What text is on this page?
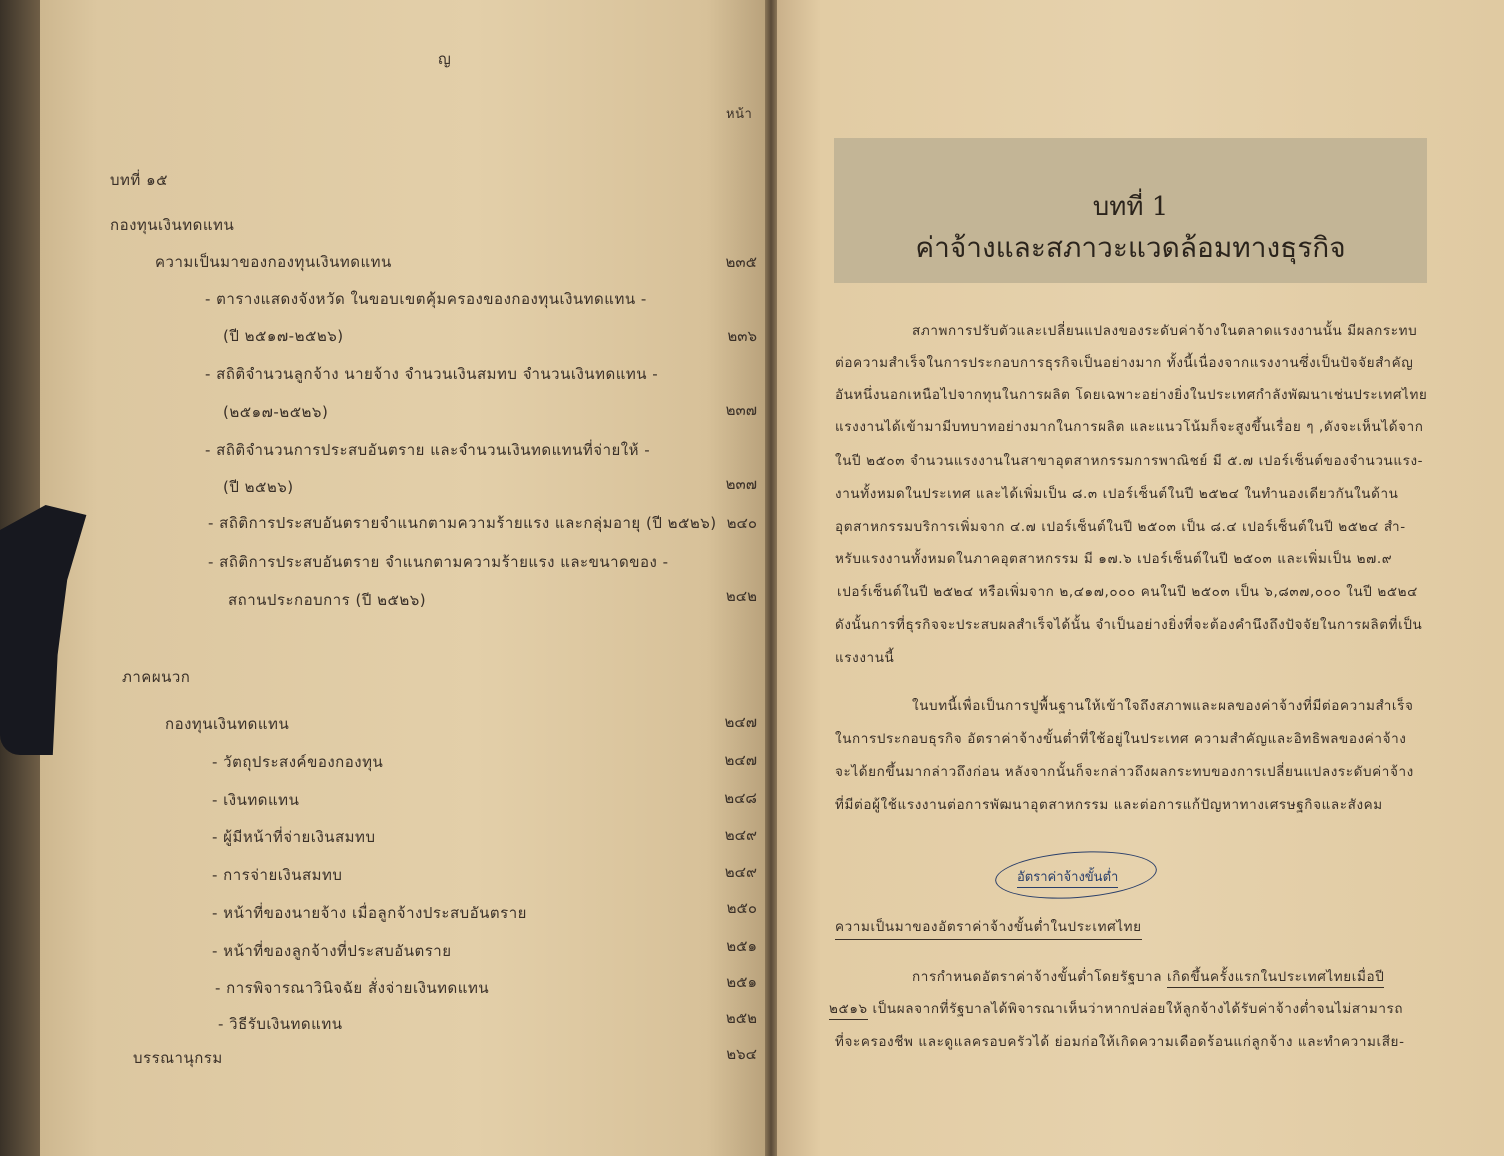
ญ
หน้า
บทที่ ๑๕
กองทุนเงินทดแทน
ความเป็นมาของกองทุนเงินทดแทน	๒๓๕
- ตารางแสดงจังหวัด ในขอบเขตคุ้มครองของกองทุนเงินทดแทน -
(ปี ๒๕๑๗-๒๕๒๖)	๒๓๖
- สถิติจำนวนลูกจ้าง นายจ้าง จำนวนเงินสมทบ จำนวนเงินทดแทน -
(๒๕๑๗-๒๕๒๖)	๒๓๗
- สถิติจำนวนการประสบอันตราย และจำนวนเงินทดแทนที่จ่ายให้ -
(ปี ๒๕๒๖)	๒๓๗
- สถิติการประสบอันตรายจำแนกตามความร้ายแรง และกลุ่มอายุ (ปี ๒๕๒๖) ๒๔๐
- สถิติการประสบอันตราย จำแนกตามความร้ายแรง และขนาดของ -
สถานประกอบการ (ปี ๒๕๒๖)	๒๔๒
ภาคผนวก
กองทุนเงินทดแทน	๒๔๗
- วัตถุประสงค์ของกองทุน	๒๔๗
- เงินทดแทน	๒๔๘
- ผู้มีหน้าที่จ่ายเงินสมทบ	๒๔๙
- การจ่ายเงินสมทบ	๒๔๙
- หน้าที่ของนายจ้าง เมื่อลูกจ้างประสบอันตราย	๒๕๐
- หน้าที่ของลูกจ้างที่ประสบอันตราย	๒๕๑
- การพิจารณาวินิจฉัย สั่งจ่ายเงินทดแทน	๒๕๑
- วิธีรับเงินทดแทน	๒๕๒
บรรณานุกรม	๒๖๔
บทที่ 1
ค่าจ้างและสภาวะแวดล้อมทางธุรกิจ
สภาพการปรับตัวและเปลี่ยนแปลงของระดับค่าจ้างในตลาดแรงงานนั้น มีผลกระทบ
ต่อความสำเร็จในการประกอบการธุรกิจเป็นอย่างมาก ทั้งนี้เนื่องจากแรงงานซึ่งเป็นปัจจัยสำคัญ
อันหนึ่งนอกเหนือไปจากทุนในการผลิต โดยเฉพาะอย่างยิ่งในประเทศกำลังพัฒนาเช่นประเทศไทย
แรงงานได้เข้ามามีบทบาทอย่างมากในการผลิต และแนวโน้มก็จะสูงขึ้นเรื่อย ๆ ,ดังจะเห็นได้จาก
ในปี ๒๕๐๓ จำนวนแรงงานในสาขาอุตสาหกรรมการพาณิชย์ มี ๕.๗ เปอร์เซ็นต์ของจำนวนแรง-
งานทั้งหมดในประเทศ และได้เพิ่มเป็น ๘.๓ เปอร์เซ็นต์ในปี ๒๕๒๔ ในทำนองเดียวกันในด้าน
อุตสาหกรรมบริการเพิ่มจาก ๔.๗ เปอร์เซ็นต์ในปี ๒๕๐๓ เป็น ๘.๔ เปอร์เซ็นต์ในปี ๒๕๒๔ สำ-
หรับแรงงานทั้งหมดในภาคอุตสาหกรรม มี ๑๗.๖ เปอร์เซ็นต์ในปี ๒๕๐๓ และเพิ่มเป็น ๒๗.๙
เปอร์เซ็นต์ในปี ๒๕๒๔ หรือเพิ่มจาก ๒,๔๑๗,๐๐๐ คนในปี ๒๕๐๓ เป็น ๖,๘๓๗,๐๐๐ ในปี ๒๕๒๔
ดังนั้นการที่ธุรกิจจะประสบผลสำเร็จได้นั้น จำเป็นอย่างยิ่งที่จะต้องคำนึงถึงปัจจัยในการผลิตที่เป็น
แรงงานนี้
ในบทนี้เพื่อเป็นการปูพื้นฐานให้เข้าใจถึงสภาพและผลของค่าจ้างที่มีต่อความสำเร็จ
ในการประกอบธุรกิจ อัตราค่าจ้างขั้นต่ำที่ใช้อยู่ในประเทศ ความสำคัญและอิทธิพลของค่าจ้าง
จะได้ยกขึ้นมากล่าวถึงก่อน หลังจากนั้นก็จะกล่าวถึงผลกระทบของการเปลี่ยนแปลงระดับค่าจ้าง
ที่มีต่อผู้ใช้แรงงานต่อการพัฒนาอุตสาหกรรม และต่อการแก้ปัญหาทางเศรษฐกิจและสังคม
อัตราค่าจ้างขั้นต่ำ
ความเป็นมาของอัตราค่าจ้างขั้นต่ำในประเทศไทย
การกำหนดอัตราค่าจ้างขั้นต่ำโดยรัฐบาล เกิดขึ้นครั้งแรกในประเทศไทยเมื่อปี
๒๕๑๖ เป็นผลจากที่รัฐบาลได้พิจารณาเห็นว่าหากปล่อยให้ลูกจ้างได้รับค่าจ้างต่ำจนไม่สามารถ
ที่จะครองชีพ และดูแลครอบครัวได้ ย่อมก่อให้เกิดความเดือดร้อนแก่ลูกจ้าง และทำความเสีย-
